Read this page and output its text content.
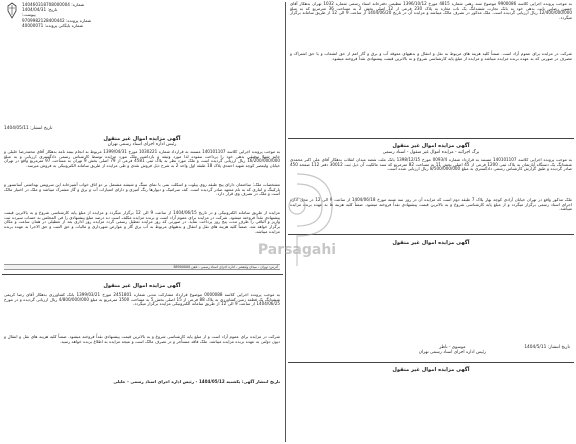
شماره: 140460318708000004
تاریخ: 1404/04/31
پیوست:
شماره پرونده: 9709982128400442
شماره بایگانی پرونده: 40000071
تاریخ انتشار: 1404/05/11
آگهی مزایده اموال غیر منقول
رئیس اداره اجرای اسناد رسمی تهران

به موجب پرونده اجرایی کلاسه 140101107 مستند به قرارداد شماره 1030221 مورخ 1399/04/31 مربوط به انجام بیمه نامه بدهکار آقای محمدرضا خلیلی و خانم شهلا توفیقی بدهی خود را پرداخت ننموده لذا مورد وثیقه و بازداشت ملک مورد مزایده توسط کارشناس رسمی دادگستری ارزیابی و به مبلغ 16/200/000/000 ریال ارزیابی گردیده است و ملک مورد نظر به پلاک ثبتی 4581 فرعی از 79 اصلی بخش 9 تهران به مساحت 97 مترمربع واقع در تهران خیابان ولیعصر کوچه شهید احمدی پلاک 18 طبقه اول واحد 2 به شرح ذیل فروش نقدی و طی مزایده از طریق سامانه الکترونیکی به فروش میرسد.

مشخصات ملک: ساختمان دارای پنج طبقه روی پیلوت و اسکلت بتنی با نمای سنگ و شیشه مشتمل بر دو اتاق خواب آشپزخانه اپن سرویس بهداشتی آسانسور و پارکینگ و انباری که به نام متعهد صادر گردیده است. کف سرامیک و دیوارها رنگ آمیزی و دارای امتیازات آب و برق و گاز مشترک میباشد و ملک در اختیار مالک است و ملک در تصرف وی قرار دارد.

مزایده از طریق سامانه الکترونیکی و در تاریخ 1404/06/15 از ساعت 9 الی 12 برگزار میگردد و مزایده از مبلغ پایه کارشناسی شروع و به بالاترین قیمت پیشنهادی نقداً فروخته میشود. شرکت در مزایده برای عموم آزاد است و برنده مزایده مکلف است ده درصد مبلغ پیشنهادی را فی المجلس به حساب سپرده ثبت واریز و الباقی را ظرف مدت پنج روز پرداخت نماید. در صورتی که روز مزایده تعطیل رسمی گردد مزایده روز اداری بعد از تعطیلی در همان ساعت و مکان برگزار خواهد شد. ضمناً کلیه هزینه های نقل و انتقال و بدهیهای مربوط به آب برق گاز و عوارض شهرداری و مالیات و حق الثبت و حق الاجرا به عهده برنده مزایده میباشد.

آدرس: تهران - میدان ولیعصر - اداره اجرای اسناد رسمی - تلفن 88900000
آگهی مزایده اموال غیر منقول

به موجب پرونده اجرایی کلاسه 0000088 موضوع قرارداد مشارکت مدنی شماره 2451801 مورخ 1399/03/21 بانک کشاورزی بدهکار آقای رضا کریمی ششدانگ یک قطعه زمین کشاورزی به پلاک 88 فرعی از 15 اصلی بخش 5 به مساحت 1500 مترمربع به مبلغ 4/800/000/000 ریال ارزیابی گردیده و در مورخ 1404/06/25 از ساعت 9 الی 12 از طریق سامانه الکترونیکی مزایده برگزار میگردد.

شرکت در مزایده برای عموم آزاد است و از مبلغ پایه کارشناسی شروع و به بالاترین قیمت پیشنهادی نقداً فروخته میشود. ضمناً کلیه هزینه های نقل و انتقال و دیون دولتی به عهده برنده مزایده میباشد. ملک فاقد مستأجر و در تصرف مالک است و نتیجه مزایده به اطلاع برنده خواهد رسید.

تاریخ انتشار آگهی: یکشنبه 1404/05/12 - رئیس اداره اجرای اسناد رسمی - جلیلی

به موجب پرونده اجرایی کلاسه 9900086 موضوع سند رهنی شماره 4815 مورخ 1396/10/12 تنظیمی دفترخانه اسناد رسمی شماره 1032 تهران بدهکار آقای حسین رضایی بابت بدهی خود به بانک تجارت ششدانگ یک باب مغازه به پلاک 230 فرعی از 12 اصلی بخش 2 به مساحت 36 مترمربع که به مبلغ 12/400/000/000 ریال ارزیابی گردیده است. ملک مذکور در تصرف مالک میباشد و مزایده آن در تاریخ 1404/06/20 از ساعت 9 الی 12 از طریق سامانه برگزار میگردد.

شرکت در مزایده برای عموم آزاد است. ضمناً کلیه هزینه های مربوط به نقل و انتقال و بدهیهای معوقه آب و برق و گاز اعم از حق انشعاب و یا حق اشتراک و مصرف در صورتی که به عهده برنده مزایده میباشد و مزایده از مبلغ پایه کارشناسی شروع و به بالاترین قیمت پیشنهادی نقداً فروخته میشود.

آگهی مزایده اموال غیر منقول
برگ اجرائیه - مزایده اموال غیر منقول - اسناد رسمی

به موجب پرونده اجرایی کلاسه 140101107 مستند به قرارداد شماره 0093/4 مورخ 1398/12/15 بانک ملت شعبه میدان انقلاب بدهکار آقای علی اکبر محمدی ششدانگ یک دستگاه آپارتمان به پلاک ثبتی 1200 فرعی از 45 اصلی بخش 11 به مساحت 82 مترمربع که سند مالکیت آن ذیل ثبت 30012 دفتر 112 صفحه 450 صادر گردیده و طبق گزارش کارشناس رسمی دادگستری به مبلغ 8/500/000/000 ریال ارزیابی شده است.

ملک مذکور واقع در تهران خیابان آزادی کوچه بهار پلاک 7 طبقه دوم است که مزایده آن در روز سه شنبه مورخ 1404/06/18 از ساعت 9 الی 12 در محل اداره اجرای اسناد رسمی برگزار میگردد و از مبلغ پایه کارشناسی شروع و به بالاترین قیمت پیشنهادی نقداً فروخته میشود. ضمناً کلیه هزینه ها به عهده برنده مزایده میباشد.

آگهی مزایده اموال غیر منقول
تاریخ انتشار: 1404/5/11
موسوی - ناظر
رئیس اداره اجرای اسناد رسمی تهران
آگهی مزایده اموال غیر منقول
Parsagahi
